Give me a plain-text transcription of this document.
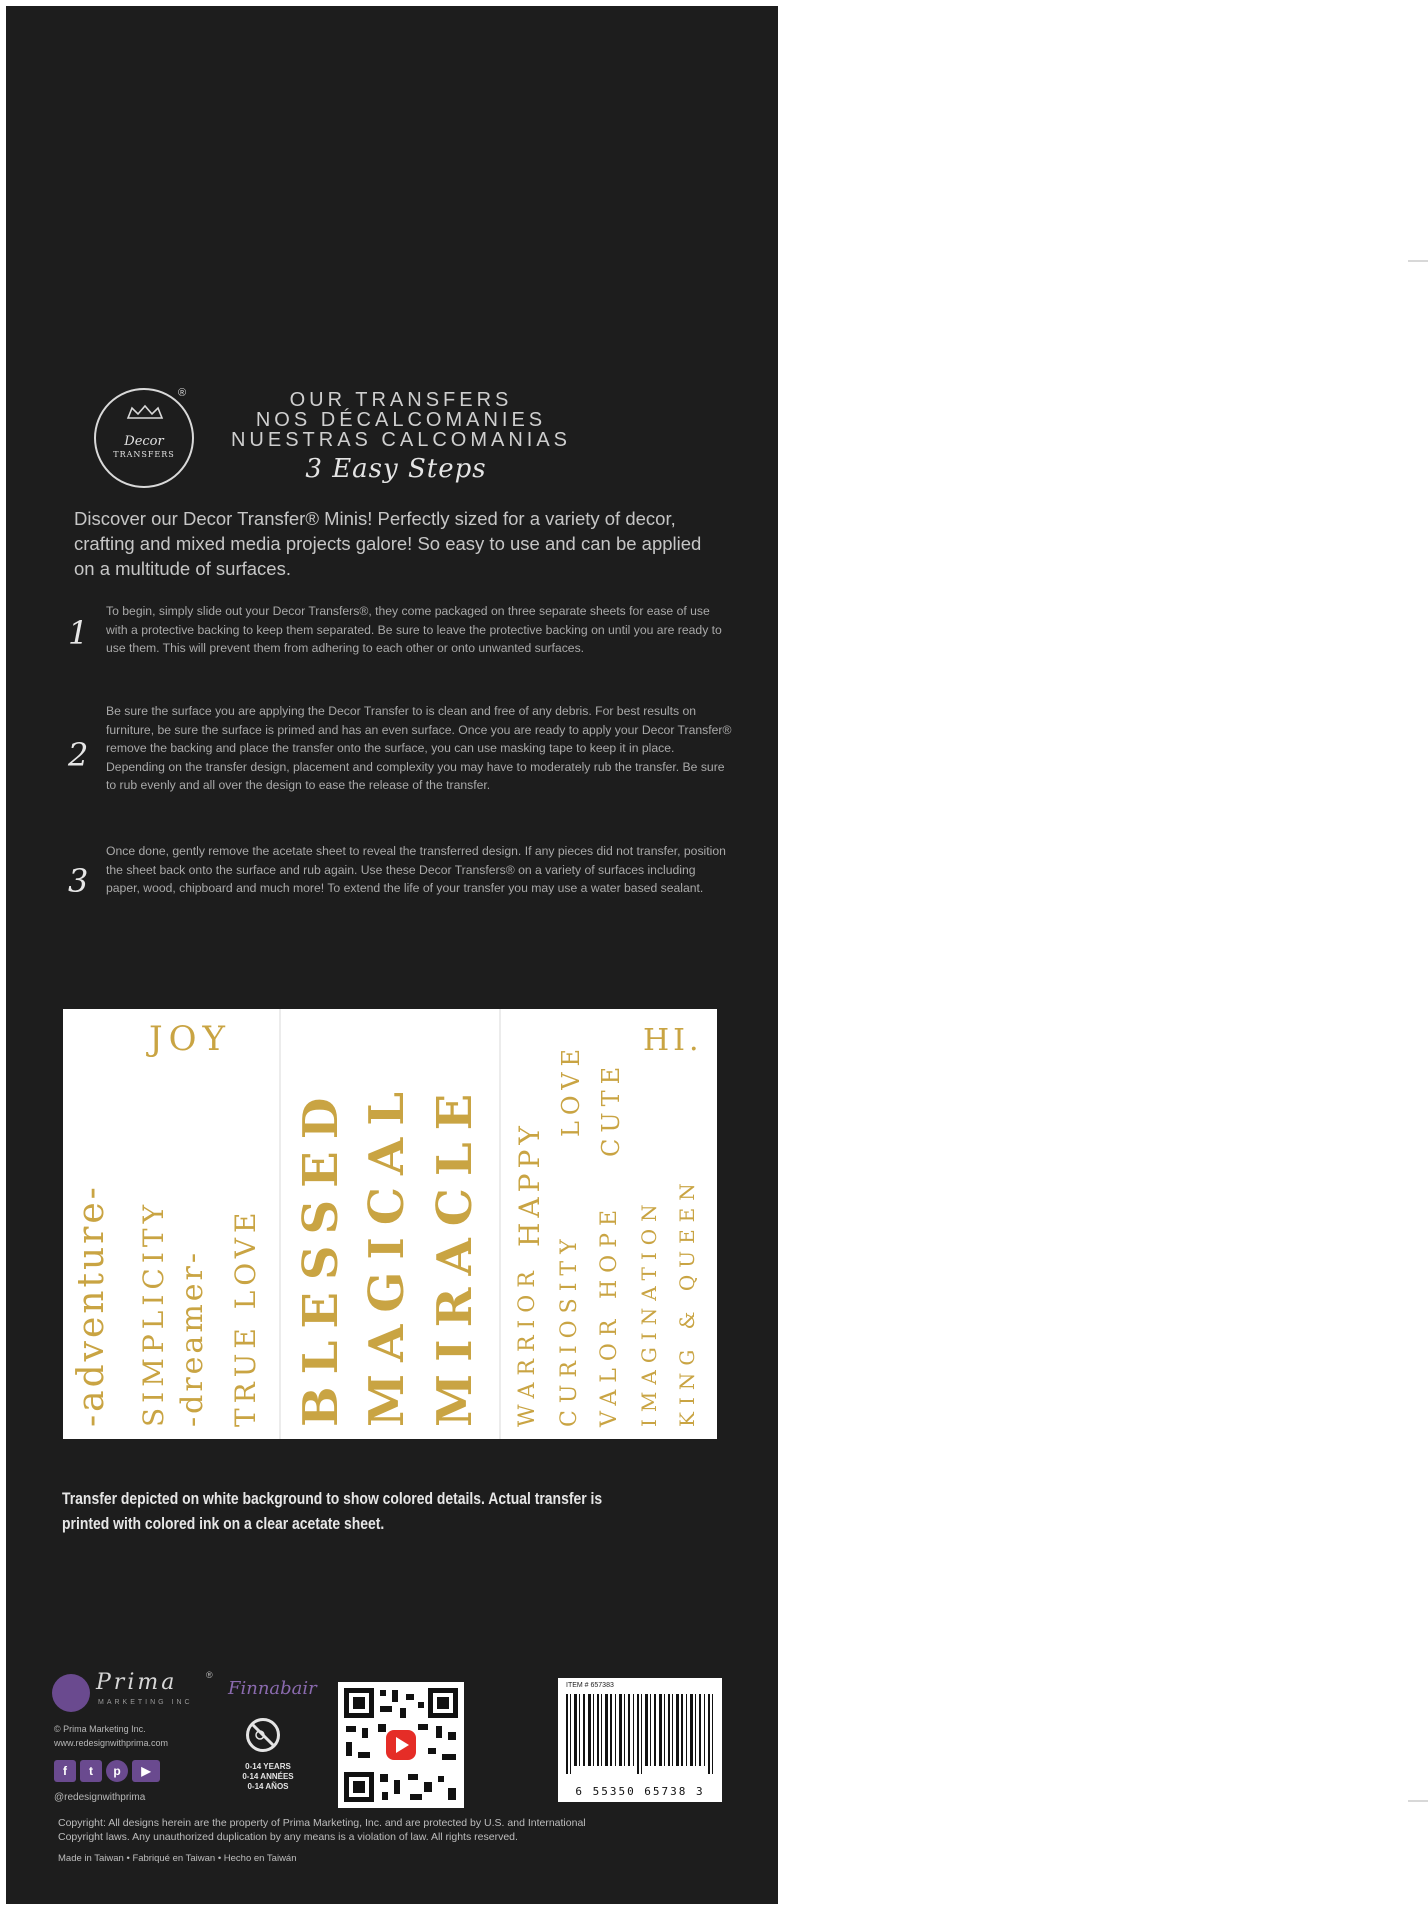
Decor
TRANSFERS
®	OUR TRANSFERS
NOS DÉCALCOMANIES
NUESTRAS CALCOMANIAS
3 Easy Steps
Discover our Decor Transfer® Minis! Perfectly sized for a variety of decor, crafting and mixed media projects galore! So easy to use and can be applied on a multitude of surfaces.
1
To begin, simply slide out your Decor Transfers®, they come packaged on three separate sheets for ease of use with a protective backing to keep them separated. Be sure to leave the protective backing on until you are ready to use them. This will prevent them from adhering to each other or onto unwanted surfaces.
2
Be sure the surface you are applying the Decor Transfer to is clean and free of any debris. For best results on furniture, be sure the surface is primed and has an even surface. Once you are ready to apply your Decor Transfer® remove the backing and place the transfer onto the surface, you can use masking tape to keep it in place. Depending on the transfer design, placement and complexity you may have to moderately rub the transfer. Be sure to rub evenly and all over the design to ease the release of the transfer.
3
Once done, gently remove the acetate sheet to reveal the transferred design. If any pieces did not transfer, position the sheet back onto the surface and rub again. Use these Decor Transfers® on a variety of surfaces including paper, wood, chipboard and much more! To extend the life of your transfer you may use a water based sealant.
-adventure- SIMPLICITY -dreamer- TRUE LOVE
JOY
BLESSED MAGICAL MIRACLE WARRIOR
HAPPY
CURIOSITY
LOVE
VALOR
HOPE
CUTE
IMAGINATION KING & QUEEN
HI.
Transfer depicted on white background to show colored details. Actual transfer is printed with colored ink on a clear acetate sheet.
Prima
MARKETING INC
®
Finnabair
© Prima Marketing Inc.
www.redesignwithprima.com
f	t	p	▶
@redesignwithprima
0-14 YEARS
0-14 ANNÉES
0-14 AÑOS
ITEM # 657383
6 55350 65738 3
Copyright: All designs herein are the property of Prima Marketing, Inc. and are protected by U.S. and International
Copyright laws. Any unauthorized duplication by any means is a violation of law. All rights reserved.
Made in Taiwan • Fabriqué en Taiwan • Hecho en Taiwán
